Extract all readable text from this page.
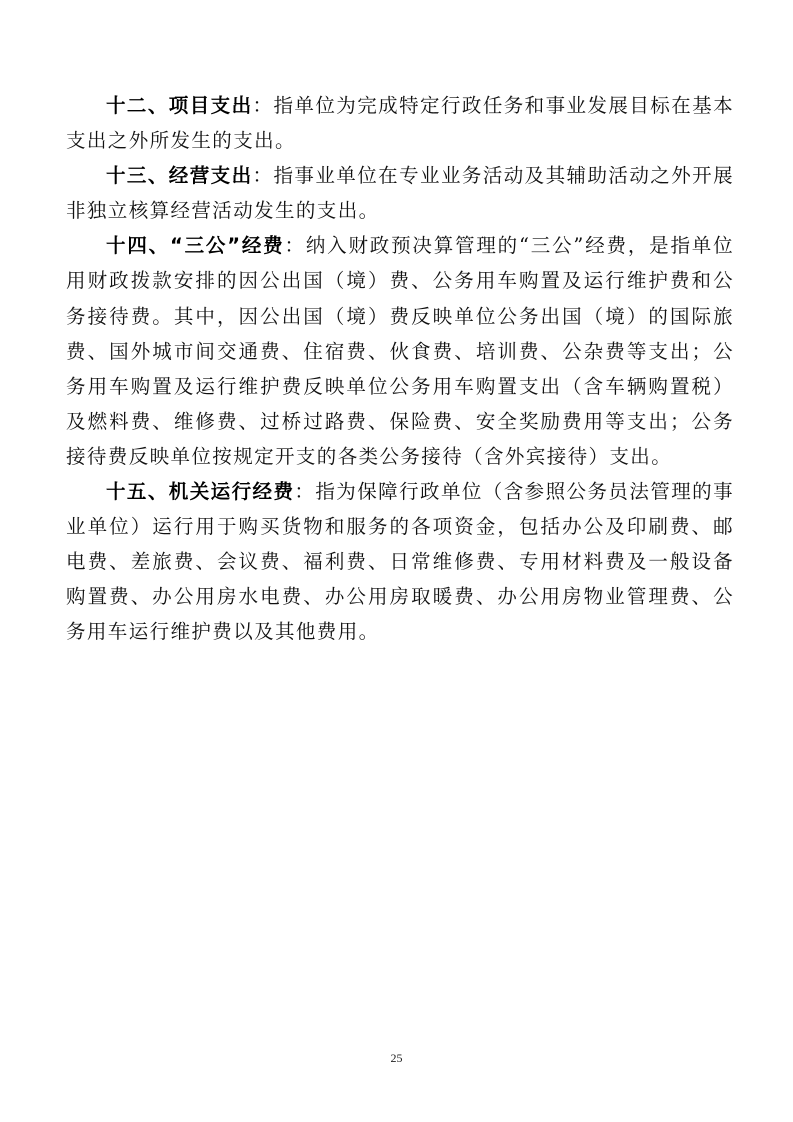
十二、项目支出：指单位为完成特定行政任务和事业发展目标在基本支出之外所发生的支出。

十三、经营支出：指事业单位在专业业务活动及其辅助活动之外开展非独立核算经营活动发生的支出。

十四、“三公”经费：纳入财政预决算管理的“三公”经费，是指单位用财政拨款安排的因公出国（境）费、公务用车购置及运行维护费和公务接待费。其中，因公出国（境）费反映单位公务出国（境）的国际旅费、国外城市间交通费、住宿费、伙食费、培训费、公杂费等支出；公务用车购置及运行维护费反映单位公务用车购置支出（含车辆购置税）及燃料费、维修费、过桥过路费、保险费、安全奖励费用等支出；公务接待费反映单位按规定开支的各类公务接待（含外宾接待）支出。

十五、机关运行经费：指为保障行政单位（含参照公务员法管理的事业单位）运行用于购买货物和服务的各项资金，包括办公及印刷费、邮电费、差旅费、会议费、福利费、日常维修费、专用材料费及一般设备购置费、办公用房水电费、办公用房取暖费、办公用房物业管理费、公务用车运行维护费以及其他费用。

25
